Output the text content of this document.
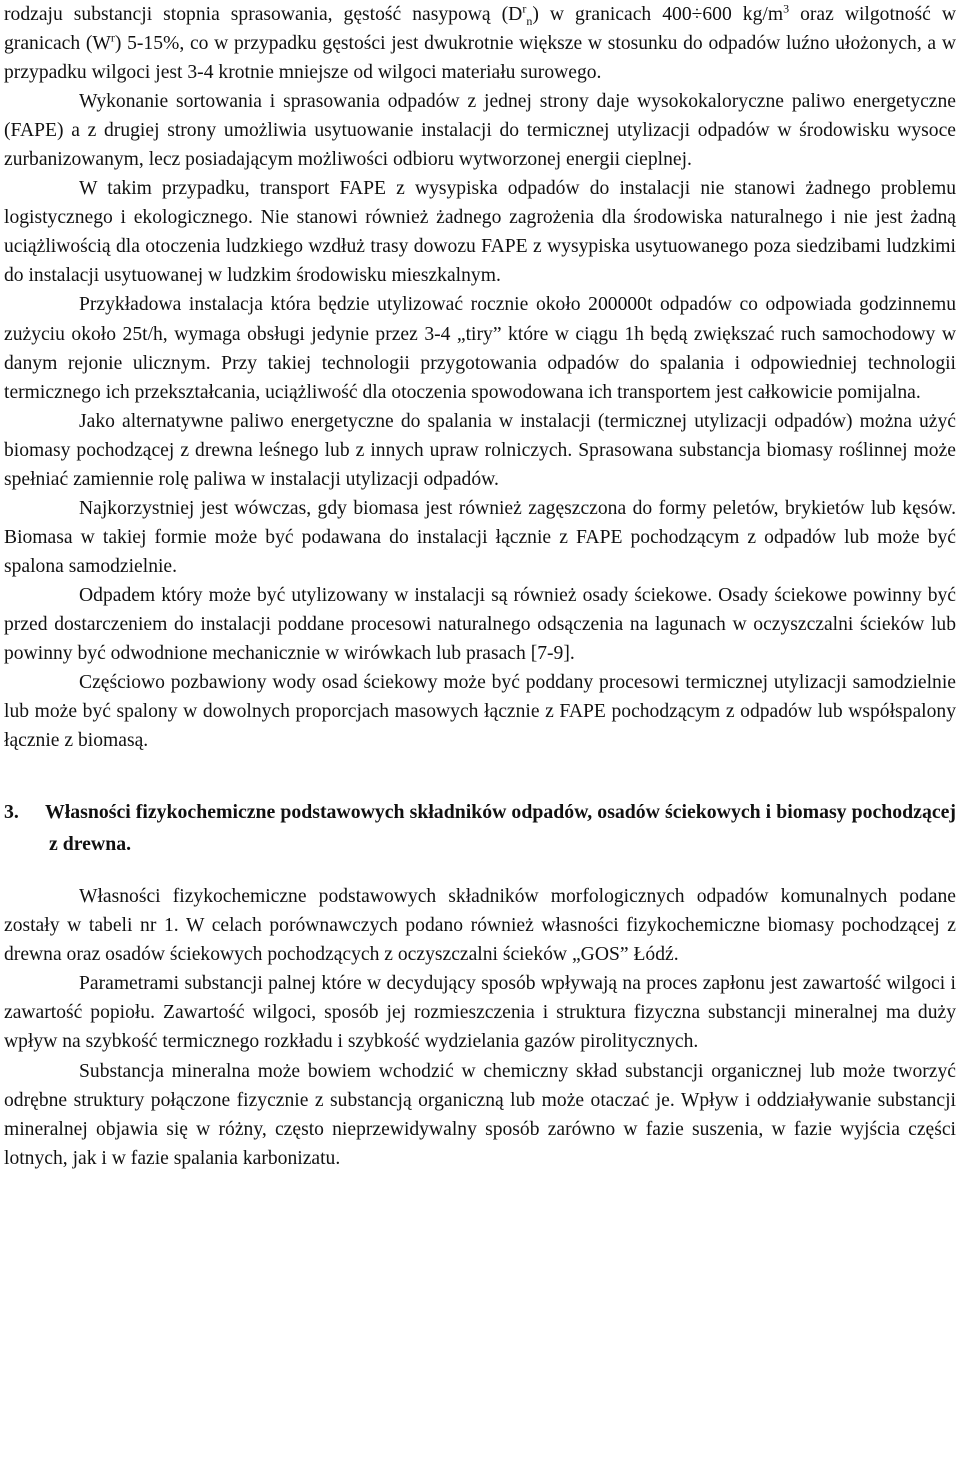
rodzaju substancji stopnia sprasowania, gęstość nasypową $(D^r_n)$ w granicach 400÷600 $kg/m^3$ oraz wilgotność w granicach $(W^r)$ 5-15%, co w przypadku gęstości jest dwukrotnie większe w stosunku do odpadów luźno ułożonych, a w przypadku wilgoci jest 3-4 krotnie mniejsze od wilgoci materiału surowego.

Wykonanie sortowania i sprasowania odpadów z jednej strony daje wysokokaloryczne paliwo energetyczne (FAPE) a z drugiej strony umożliwia usytuowanie instalacji do termicznej utylizacji odpadów w środowisku wysoce zurbanizowanym, lecz posiadającym możliwości odbioru wytworzonej energii cieplnej.

W takim przypadku, transport FAPE z wysypiska odpadów do instalacji nie stanowi żadnego problemu logistycznego i ekologicznego. Nie stanowi również żadnego zagrożenia dla środowiska naturalnego i nie jest żadną uciążliwością dla otoczenia ludzkiego wzdłuż trasy dowozu FAPE z wysypiska usytuowanego poza siedzibami ludzkimi do instalacji usytuowanej w ludzkim środowisku mieszkalnym.

Przykładowa instalacja która będzie utylizować rocznie około 200000t odpadów co odpowiada godzinnemu zużyciu około 25t/h, wymaga obsługi jedynie przez 3-4 „tiry” które w ciągu 1h będą zwiększać ruch samochodowy w danym rejonie ulicznym. Przy takiej technologii przygotowania odpadów do spalania i odpowiedniej technologii termicznego ich przekształcania, uciążliwość dla otoczenia spowodowana ich transportem jest całkowicie pomijalna.

Jako alternatywne paliwo energetyczne do spalania w instalacji (termicznej utylizacji odpadów) można użyć biomasy pochodzącej z drewna leśnego lub z innych upraw rolniczych. Sprasowana substancja biomasy roślinnej może spełniać zamiennie rolę paliwa w instalacji utylizacji odpadów.

Najkorzystniej jest wówczas, gdy biomasa jest również zagęszczona do formy peletów, brykietów lub kęsów. Biomasa w takiej formie może być podawana do instalacji łącznie z FAPE pochodzącym z odpadów lub może być spalona samodzielnie.

Odpadem który może być utylizowany w instalacji są również osady ściekowe. Osady ściekowe powinny być przed dostarczeniem do instalacji poddane procesowi naturalnego odsączenia na lagunach w oczyszczalni ścieków lub powinny być odwodnione mechanicznie w wirówkach lub prasach [7-9].

Częściowo pozbawiony wody osad ściekowy może być poddany procesowi termicznej utylizacji samodzielnie lub może być spalony w dowolnych proporcjach masowych łącznie z FAPE pochodzącym z odpadów lub współspalony łącznie z biomasą.

3. Własności fizykochemiczne podstawowych składników odpadów, osadów ściekowych i biomasy pochodzącej z drewna.

Własności fizykochemiczne podstawowych składników morfologicznych odpadów komunalnych podane zostały w tabeli nr 1. W celach porównawczych podano również własności fizykochemiczne biomasy pochodzącej z drewna oraz osadów ściekowych pochodzących z oczyszczalni ścieków „GOS” Łódź.

Parametrami substancji palnej które w decydujący sposób wpływają na proces zapłonu jest zawartość wilgoci i zawartość popiołu. Zawartość wilgoci, sposób jej rozmieszczenia i struktura fizyczna substancji mineralnej ma duży wpływ na szybkość termicznego rozkładu i szybkość wydzielania gazów pirolitycznych.

Substancja mineralna może bowiem wchodzić w chemiczny skład substancji organicznej lub może tworzyć odrębne struktury połączone fizycznie z substancją organiczną lub może otaczać je. Wpływ i oddziaływanie substancji mineralnej objawia się w różny, często nieprzewidywalny sposób zarówno w fazie suszenia, w fazie wyjścia części lotnych, jak i w fazie spalania karbonizatu.
